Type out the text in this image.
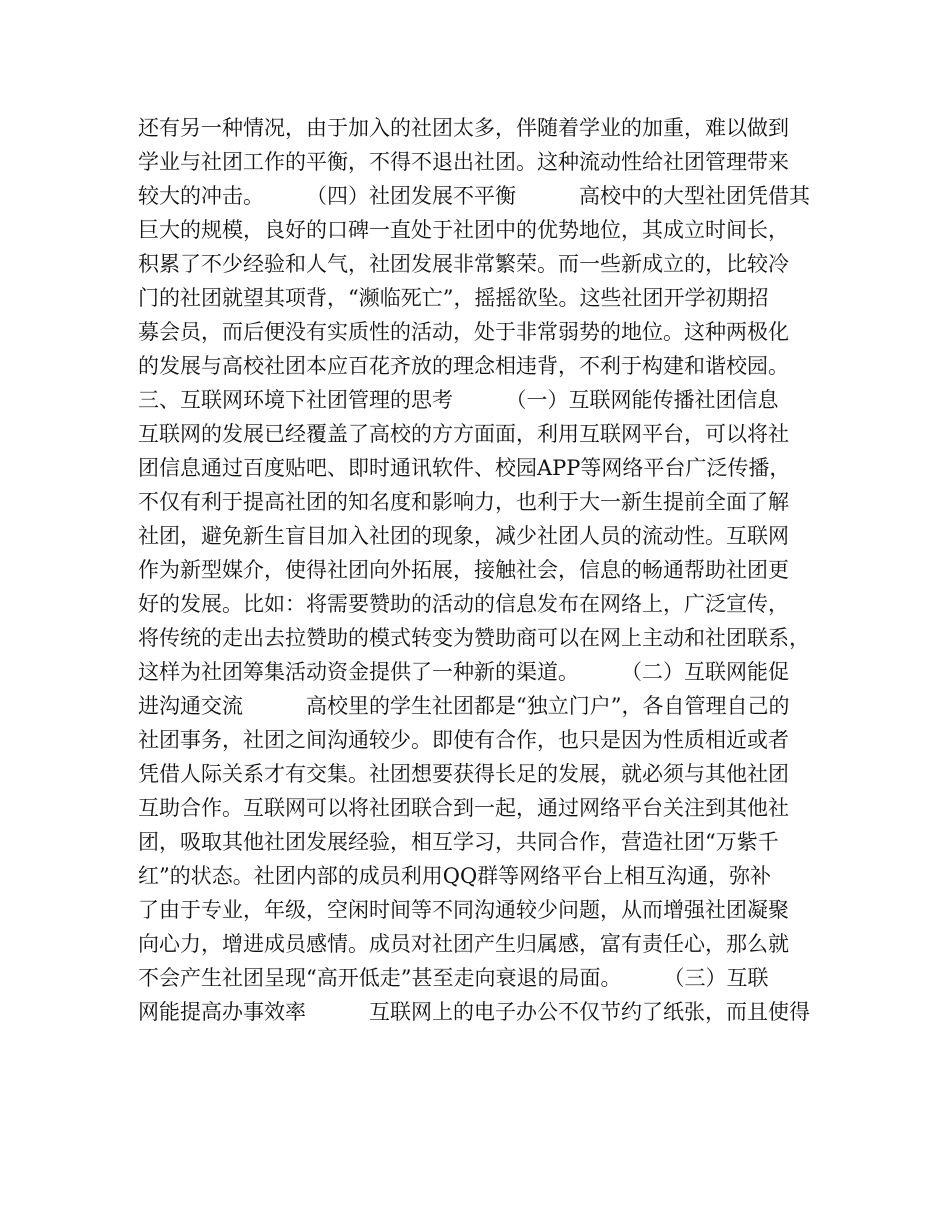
还有另一种情况，由于加入的社团太多，伴随着学业的加重，难以做到
学业与社团工作的平衡，不得不退出社团。这种流动性给社团管理带来
较大的冲击。　　　（四）社团发展不平衡　　　高校中的大型社团凭借其
巨大的规模，良好的口碑一直处于社团中的优势地位，其成立时间长，
积累了不少经验和人气，社团发展非常繁荣。而一些新成立的，比较冷
门的社团就望其项背，“濒临死亡”，摇摇欲坠。这些社团开学初期招
募会员，而后便没有实质性的活动，处于非常弱势的地位。这种两极化
的发展与高校社团本应百花齐放的理念相违背，不利于构建和谐校园。
三、互联网环境下社团管理的思考　　　（一）互联网能传播社团信息
互联网的发展已经覆盖了高校的方方面面，利用互联网平台，可以将社
团信息通过百度贴吧、即时通讯软件、校园APP等网络平台广泛传播，
不仅有利于提高社团的知名度和影响力，也利于大一新生提前全面了解
社团，避免新生盲目加入社团的现象，减少社团人员的流动性。互联网
作为新型媒介，使得社团向外拓展，接触社会，信息的畅通帮助社团更
好的发展。比如：将需要赞助的活动的信息发布在网络上，广泛宣传，
将传统的走出去拉赞助的模式转变为赞助商可以在网上主动和社团联系，
这样为社团筹集活动资金提供了一种新的渠道。　　　（二）互联网能促
进沟通交流　　　高校里的学生社团都是“独立门户”，各自管理自己的
社团事务，社团之间沟通较少。即使有合作，也只是因为性质相近或者
凭借人际关系才有交集。社团想要获得长足的发展，就必须与其他社团
互助合作。互联网可以将社团联合到一起，通过网络平台关注到其他社
团，吸取其他社团发展经验，相互学习，共同合作，营造社团“万紫千
红”的状态。社团内部的成员利用QQ群等网络平台上相互沟通，弥补
了由于专业，年级，空闲时间等不同沟通较少问题，从而增强社团凝聚
向心力，增进成员感情。成员对社团产生归属感，富有责任心，那么就
不会产生社团呈现“高开低走”甚至走向衰退的局面。　　　（三）互联
网能提高办事效率　　　互联网上的电子办公不仅节约了纸张，而且使得
